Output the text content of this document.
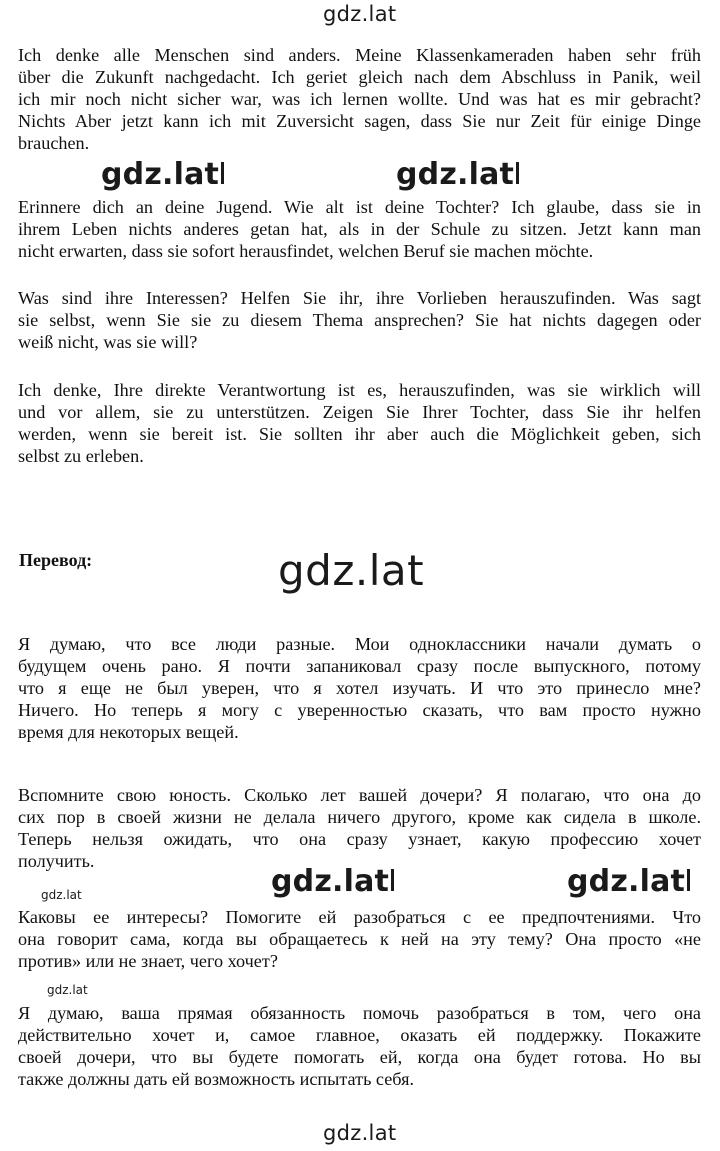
gdz.lat
Ich denke alle Menschen sind anders. Meine Klassenkameraden haben sehr früh
über die Zukunft nachgedacht. Ich geriet gleich nach dem Abschluss in Panik, weil
ich mir noch nicht sicher war, was ich lernen wollte. Und was hat es mir gebracht?
Nichts Aber jetzt kann ich mit Zuversicht sagen, dass Sie nur Zeit für einige Dinge
brauchen.
gdz.lat	gdz.lat
Erinnere dich an deine Jugend. Wie alt ist deine Tochter? Ich glaube, dass sie in
ihrem Leben nichts anderes getan hat, als in der Schule zu sitzen. Jetzt kann man
nicht erwarten, dass sie sofort herausfindet, welchen Beruf sie machen möchte.
Was sind ihre Interessen? Helfen Sie ihr, ihre Vorlieben herauszufinden. Was sagt
sie selbst, wenn Sie sie zu diesem Thema ansprechen? Sie hat nichts dagegen oder
weiß nicht, was sie will?
Ich denke, Ihre direkte Verantwortung ist es, herauszufinden, was sie wirklich will
und vor allem, sie zu unterstützen. Zeigen Sie Ihrer Tochter, dass Sie ihr helfen
werden, wenn sie bereit ist. Sie sollten ihr aber auch die Möglichkeit geben, sich
selbst zu erleben.
Перевод:	gdz.lat
Я думаю, что все люди разные. Мои одноклассники начали думать о
будущем очень рано. Я почти запаниковал сразу после выпускного, потому
что я еще не был уверен, что я хотел изучать. И что это принесло мне?
Ничего. Но теперь я могу с уверенностью сказать, что вам просто нужно
время для некоторых вещей.
Вспомните свою юность. Сколько лет вашей дочери? Я полагаю, что она до
сих пор в своей жизни не делала ничего другого, кроме как сидела в школе.
Теперь нельзя ожидать, что она сразу узнает, какую профессию хочет
получить.
gdz.lat	gdz.lat	gdz.lat
Каковы ее интересы? Помогите ей разобраться с ее предпочтениями. Что
она говорит сама, когда вы обращаетесь к ней на эту тему? Она просто «не
против» или не знает, чего хочет?
gdz.lat
Я думаю, ваша прямая обязанность помочь разобраться в том, чего она
действительно хочет и, самое главное, оказать ей поддержку. Покажите
своей дочери, что вы будете помогать ей, когда она будет готова. Но вы
также должны дать ей возможность испытать себя.
gdz.lat
